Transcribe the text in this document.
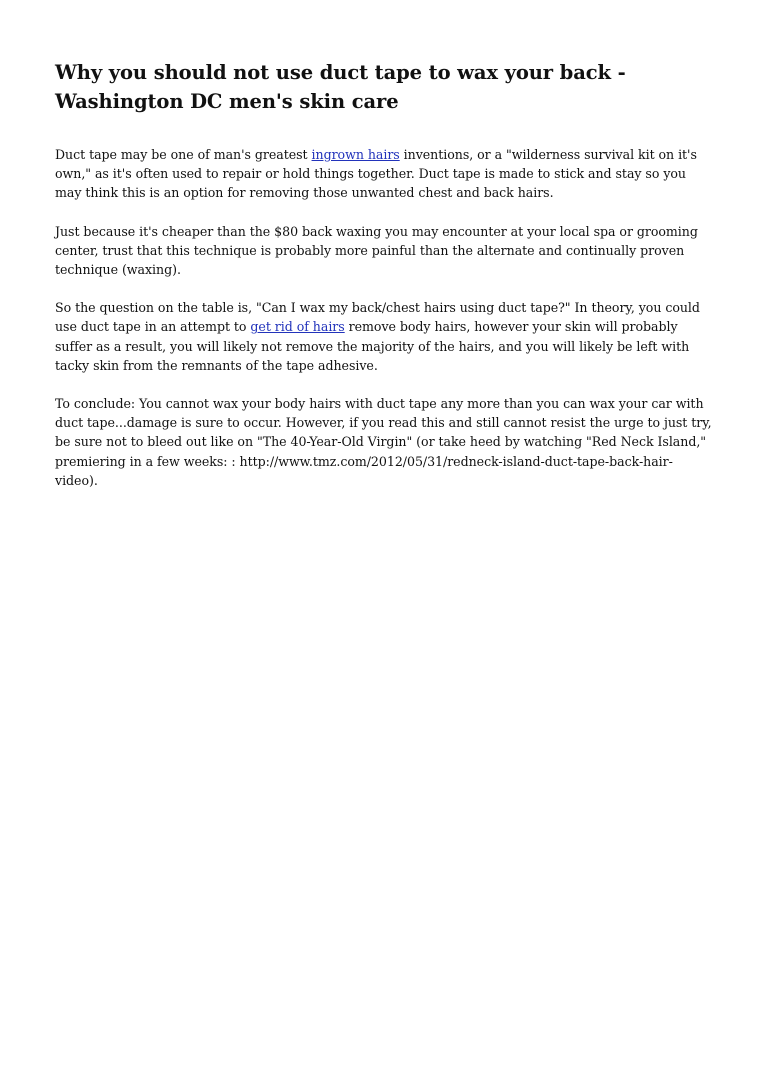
Why you should not use duct tape to wax your back - Washington DC men's skin care

Duct tape may be one of man's greatest ingrown hairs inventions, or a "wilderness survival kit on it's own," as it's often used to repair or hold things together. Duct tape is made to stick and stay so you may think this is an option for removing those unwanted chest and back hairs.

Just because it's cheaper than the $80 back waxing you may encounter at your local spa or grooming center, trust that this technique is probably more painful than the alternate and continually proven technique (waxing).

So the question on the table is, "Can I wax my back/chest hairs using duct tape?" In theory, you could use duct tape in an attempt to get rid of hairs remove body hairs, however your skin will probably suffer as a result, you will likely not remove the majority of the hairs, and you will likely be left with tacky skin from the remnants of the tape adhesive.

To conclude: You cannot wax your body hairs with duct tape any more than you can wax your car with duct tape...damage is sure to occur. However, if you read this and still cannot resist the urge to just try, be sure not to bleed out like on "The 40-Year-Old Virgin" (or take heed by watching "Red Neck Island," premiering in a few weeks: : http://www.tmz.com/2012/05/31/redneck-island-duct-tape-back-hair-video).
